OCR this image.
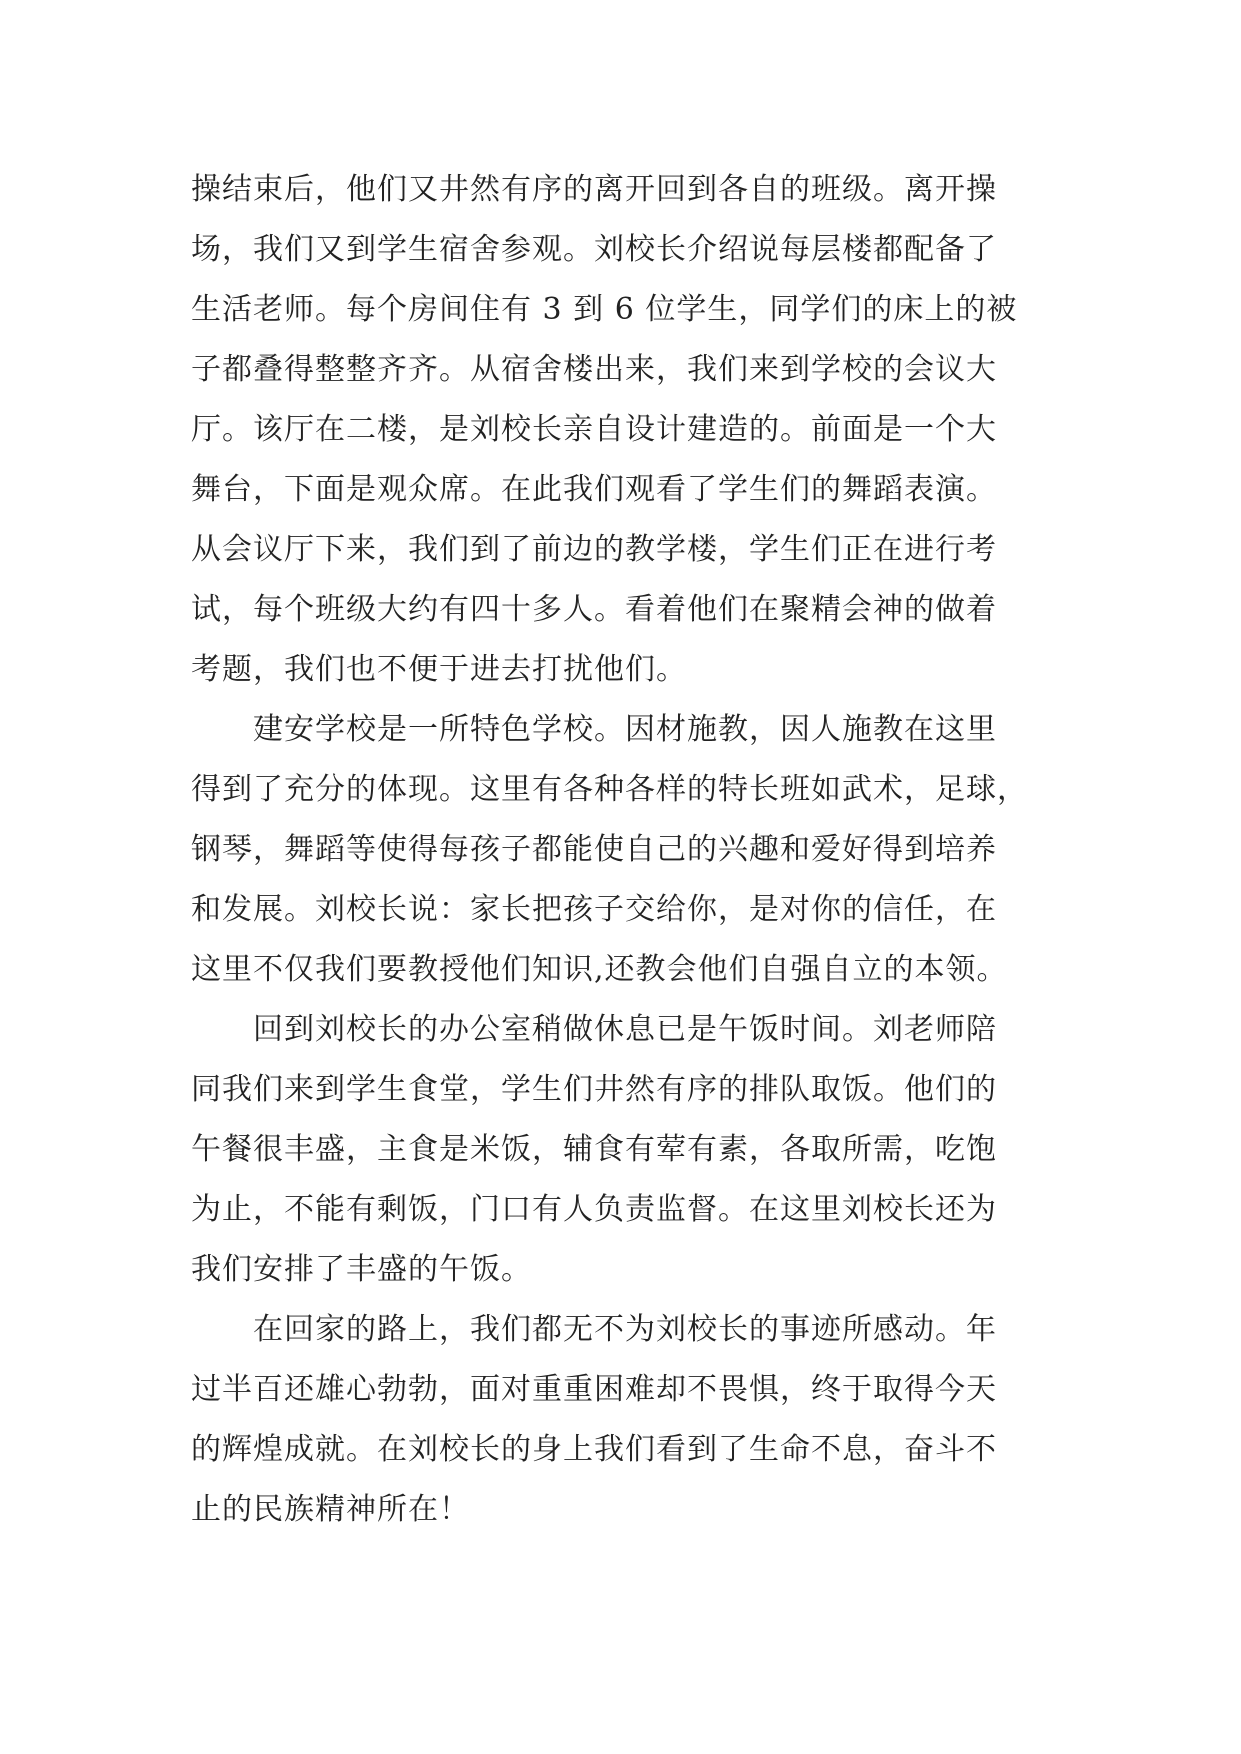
操结束后，他们又井然有序的离开回到各自的班级。离开操
场，我们又到学生宿舍参观。刘校长介绍说每层楼都配备了
生活老师。每个房间住有 3 到 6 位学生，同学们的床上的被
子都叠得整整齐齐。从宿舍楼出来，我们来到学校的会议大
厅。该厅在二楼，是刘校长亲自设计建造的。前面是一个大
舞台，下面是观众席。在此我们观看了学生们的舞蹈表演。
从会议厅下来，我们到了前边的教学楼，学生们正在进行考
试，每个班级大约有四十多人。看着他们在聚精会神的做着
考题，我们也不便于进去打扰他们。
建安学校是一所特色学校。因材施教，因人施教在这里
得到了充分的体现。这里有各种各样的特长班如武术，足球，
钢琴，舞蹈等使得每孩子都能使自己的兴趣和爱好得到培养
和发展。刘校长说：家长把孩子交给你，是对你的信任，在
这里不仅我们要教授他们知识,还教会他们自强自立的本领。
回到刘校长的办公室稍做休息已是午饭时间。刘老师陪
同我们来到学生食堂，学生们井然有序的排队取饭。他们的
午餐很丰盛，主食是米饭，辅食有荤有素，各取所需，吃饱
为止，不能有剩饭，门口有人负责监督。在这里刘校长还为
我们安排了丰盛的午饭。
在回家的路上，我们都无不为刘校长的事迹所感动。年
过半百还雄心勃勃，面对重重困难却不畏惧，终于取得今天
的辉煌成就。在刘校长的身上我们看到了生命不息，奋斗不
止的民族精神所在！
